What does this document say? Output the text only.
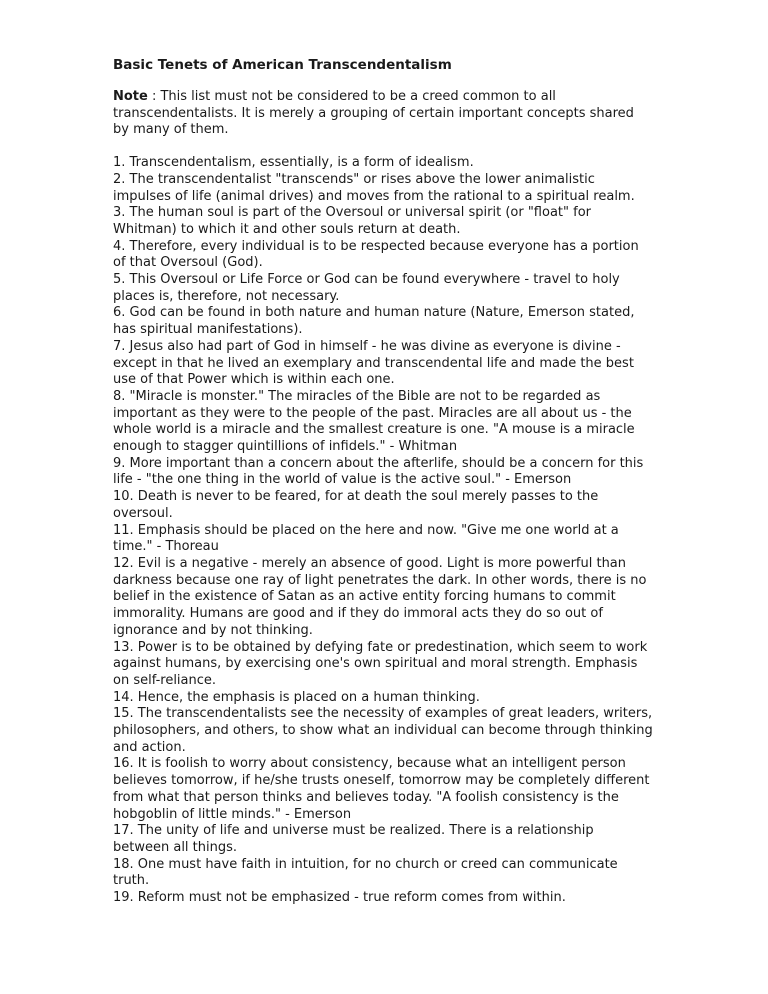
Basic Tenets of American Transcendentalism

Note : This list must not be considered to be a creed common to all transcendentalists. It is merely a grouping of certain important concepts shared by many of them.

1. Transcendentalism, essentially, is a form of idealism.
2. The transcendentalist "transcends" or rises above the lower animalistic impulses of life (animal drives) and moves from the rational to a spiritual realm.
3. The human soul is part of the Oversoul or universal spirit (or "float" for Whitman) to which it and other souls return at death.
4. Therefore, every individual is to be respected because everyone has a portion of that Oversoul (God).
5. This Oversoul or Life Force or God can be found everywhere - travel to holy places is, therefore, not necessary.
6. God can be found in both nature and human nature (Nature, Emerson stated, has spiritual manifestations).
7. Jesus also had part of God in himself - he was divine as everyone is divine - except in that he lived an exemplary and transcendental life and made the best use of that Power which is within each one.
8. "Miracle is monster." The miracles of the Bible are not to be regarded as important as they were to the people of the past. Miracles are all about us - the whole world is a miracle and the smallest creature is one. "A mouse is a miracle enough to stagger quintillions of infidels." - Whitman
9. More important than a concern about the afterlife, should be a concern for this life - "the one thing in the world of value is the active soul." - Emerson
10. Death is never to be feared, for at death the soul merely passes to the oversoul.
11. Emphasis should be placed on the here and now. "Give me one world at a time." - Thoreau
12. Evil is a negative - merely an absence of good. Light is more powerful than darkness because one ray of light penetrates the dark. In other words, there is no belief in the existence of Satan as an active entity forcing humans to commit immorality. Humans are good and if they do immoral acts they do so out of ignorance and by not thinking.
13. Power is to be obtained by defying fate or predestination, which seem to work against humans, by exercising one's own spiritual and moral strength. Emphasis on self-reliance.
14. Hence, the emphasis is placed on a human thinking.
15. The transcendentalists see the necessity of examples of great leaders, writers, philosophers, and others, to show what an individual can become through thinking and action.
16. It is foolish to worry about consistency, because what an intelligent person believes tomorrow, if he/she trusts oneself, tomorrow may be completely different from what that person thinks and believes today. "A foolish consistency is the hobgoblin of little minds." - Emerson
17. The unity of life and universe must be realized. There is a relationship between all things.
18. One must have faith in intuition, for no church or creed can communicate truth.
19. Reform must not be emphasized - true reform comes from within.
